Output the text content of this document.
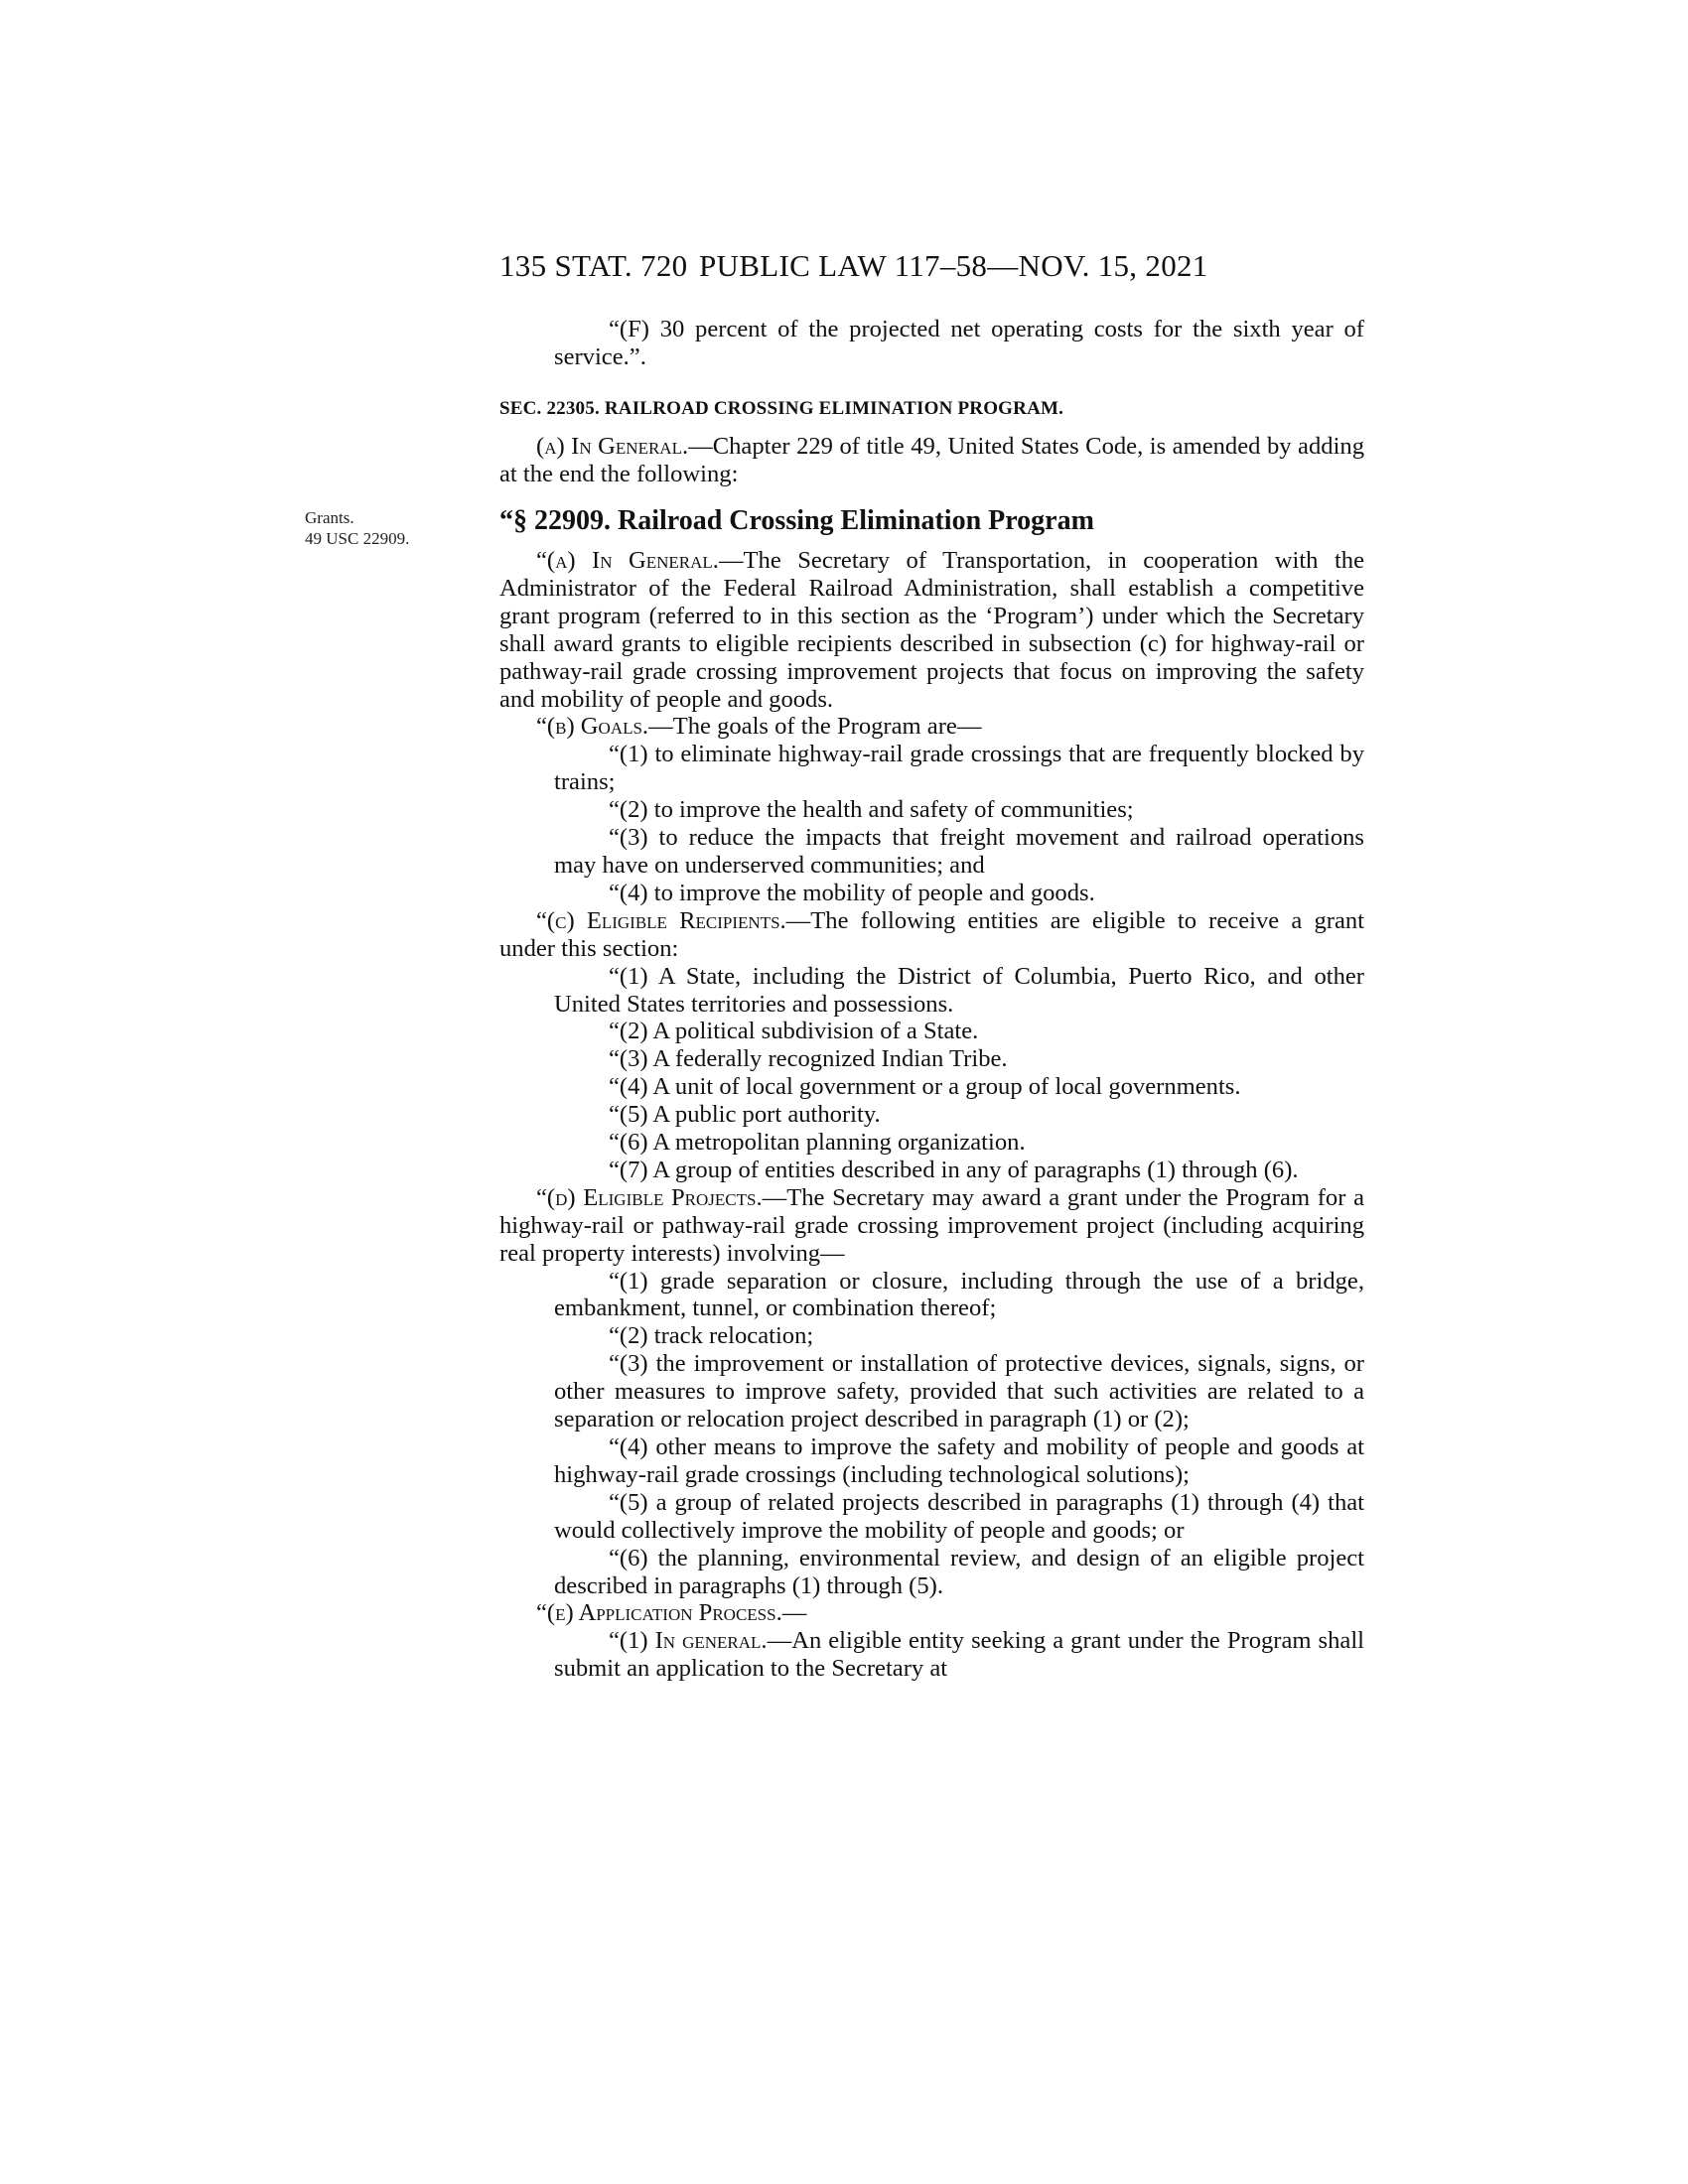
135 STAT. 720 PUBLIC LAW 117–58—NOV. 15, 2021
Grants.
49 USC 22909.

“(F) 30 percent of the projected net operating costs for the sixth year of service.”.

SEC. 22305. RAILROAD CROSSING ELIMINATION PROGRAM.

(a) In General.—Chapter 229 of title 49, United States Code, is amended by adding at the end the following:

“§ 22909. Railroad Crossing Elimination Program

“(a) In General.—The Secretary of Transportation, in cooperation with the Administrator of the Federal Railroad Administration, shall establish a competitive grant program (referred to in this section as the ‘Program’) under which the Secretary shall award grants to eligible recipients described in subsection (c) for highway-rail or pathway-rail grade crossing improvement projects that focus on improving the safety and mobility of people and goods.

“(b) Goals.—The goals of the Program are—

“(1) to eliminate highway-rail grade crossings that are frequently blocked by trains;

“(2) to improve the health and safety of communities;

“(3) to reduce the impacts that freight movement and railroad operations may have on underserved communities; and

“(4) to improve the mobility of people and goods.

“(c) Eligible Recipients.—The following entities are eligible to receive a grant under this section:

“(1) A State, including the District of Columbia, Puerto Rico, and other United States territories and possessions.

“(2) A political subdivision of a State.

“(3) A federally recognized Indian Tribe.

“(4) A unit of local government or a group of local governments.

“(5) A public port authority.

“(6) A metropolitan planning organization.

“(7) A group of entities described in any of paragraphs (1) through (6).

“(d) Eligible Projects.—The Secretary may award a grant under the Program for a highway-rail or pathway-rail grade crossing improvement project (including acquiring real property interests) involving—

“(1) grade separation or closure, including through the use of a bridge, embankment, tunnel, or combination thereof;

“(2) track relocation;

“(3) the improvement or installation of protective devices, signals, signs, or other measures to improve safety, provided that such activities are related to a separation or relocation project described in paragraph (1) or (2);

“(4) other means to improve the safety and mobility of people and goods at highway-rail grade crossings (including technological solutions);

“(5) a group of related projects described in paragraphs (1) through (4) that would collectively improve the mobility of people and goods; or

“(6) the planning, environmental review, and design of an eligible project described in paragraphs (1) through (5).

“(e) Application Process.—

“(1) In general.—An eligible entity seeking a grant under the Program shall submit an application to the Secretary at
